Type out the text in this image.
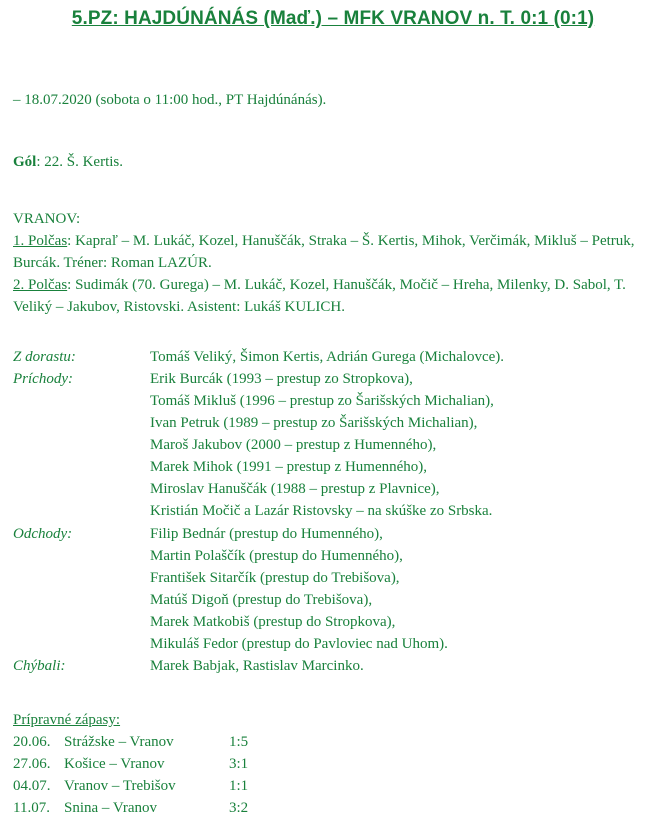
5.PZ: HAJDÚNÁNÁS (Maď.) – MFK VRANOV n. T. 0:1 (0:1)
– 18.07.2020 (sobota o 11:00 hod., PT Hajdúnánás).
Gól: 22. Š. Kertis.
VRANOV:
1. Polčas: Kapraľ – M. Lukáč, Kozel, Hanuščák, Straka – Š. Kertis, Mihok, Verčimák, Mikluš – Petruk, Burcák. Tréner: Roman LAZÚR.
2. Polčas: Sudimák (70. Gurega) – M. Lukáč, Kozel, Hanuščák, Močič – Hreha, Milenky, D. Sabol, T. Veliký – Jakubov, Ristovski. Asistent: Lukáš KULICH.
Z dorastu:	Tomáš Veliký, Šimon Kertis, Adrián Gurega (Michalovce).
Príchody:	Erik Burcák (1993 – prestup zo Stropkova),
Tomáš Mikluš (1996 – prestup zo Šarišských Michalian),
Ivan Petruk (1989 – prestup zo Šarišských Michalian),
Maroš Jakubov (2000 – prestup z Humenného),
Marek Mihok (1991 – prestup z Humenného),
Miroslav Hanuščák (1988 – prestup z Plavnice),
Kristián Močič a Lazár Ristovsky – na skúške zo Srbska.
Odchody:	Filip Bednár (prestup do Humenného),
Martin Polaščík (prestup do Humenného),
František Sitarčík (prestup do Trebišova),
Matúš Digoň (prestup do Trebišova),
Marek Matkobiš (prestup do Stropkova),
Mikuláš Fedor (prestup do Pavloviec nad Uhom).
Chýbali:	Marek Babjak, Rastislav Marcinko.
Prípravné zápasy:
20.06. Strážske – Vranov	1:5
27.06. Košice – Vranov	3:1
04.07. Vranov – Trebišov	1:1
11.07. Snina – Vranov	3:2
